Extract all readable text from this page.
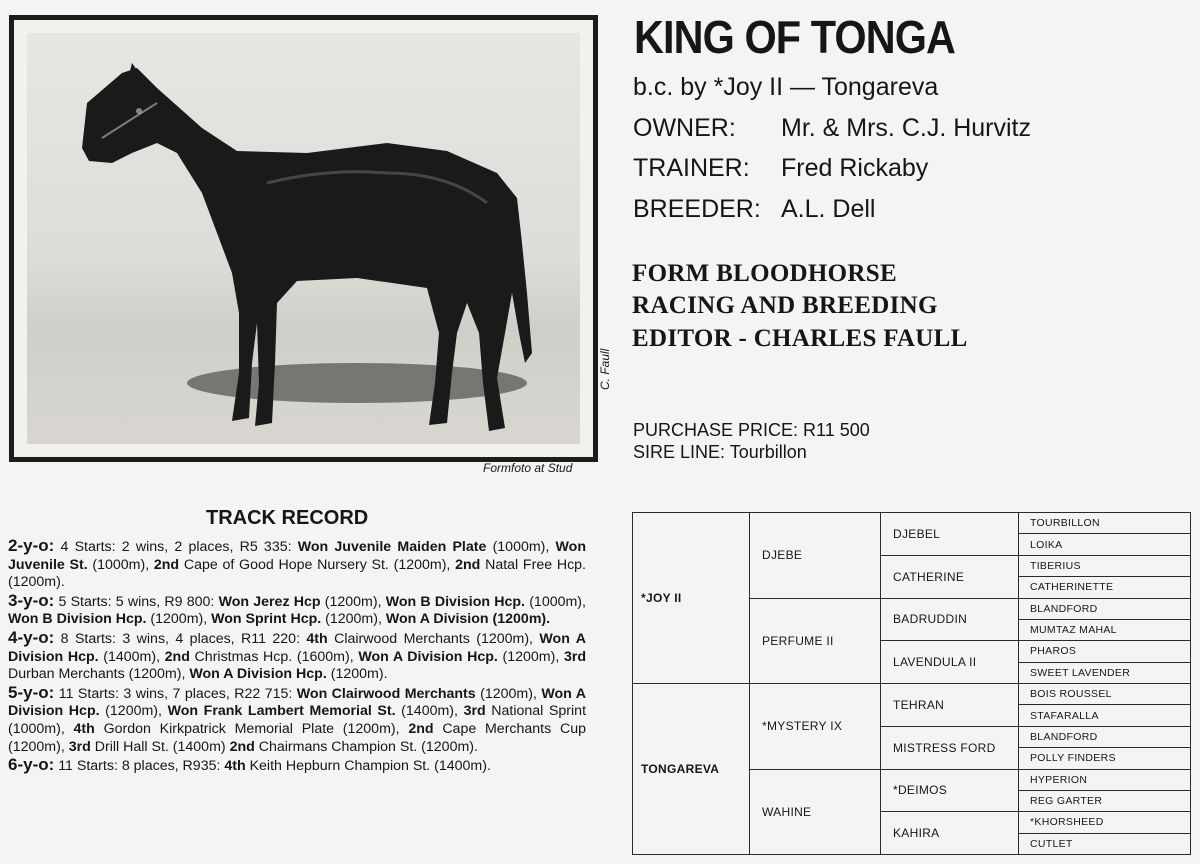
C. Faull
Formfoto at Stud
KING OF TONGA
b.c. by *Joy II — Tongareva
OWNER: Mr. & Mrs. C.J. Hurvitz
TRAINER: Fred Rickaby
BREEDER: A.L. Dell
FORM BLOODHORSE
RACING AND BREEDING
EDITOR - CHARLES FAULL
PURCHASE PRICE: R11 500
SIRE LINE: Tourbillon
TRACK RECORD

2-y-o: 4 Starts: 2 wins, 2 places, R5 335: Won Juvenile Maiden Plate (1000m), Won Juvenile St. (1000m), 2nd Cape of Good Hope Nursery St. (1200m), 2nd Natal Free Hcp. (1200m).

3-y-o: 5 Starts: 5 wins, R9 800: Won Jerez Hcp (1200m), Won B Division Hcp. (1000m), Won B Division Hcp. (1200m), Won Sprint Hcp. (1200m), Won A Division (1200m).

4-y-o: 8 Starts: 3 wins, 4 places, R11 220: 4th Clairwood Merchants (1200m), Won A Division Hcp. (1400m), 2nd Christmas Hcp. (1600m), Won A Division Hcp. (1200m), 3rd Durban Merchants (1200m), Won A Division Hcp. (1200m).

5-y-o: 11 Starts: 3 wins, 7 places, R22 715: Won Clairwood Merchants (1200m), Won A Division Hcp. (1200m), Won Frank Lambert Memorial St. (1400m), 3rd National Sprint (1000m), 4th Gordon Kirkpatrick Memorial Plate (1200m), 2nd Cape Merchants Cup (1200m), 3rd Drill Hall St. (1400m) 2nd Chairmans Champion St. (1200m).

6-y-o: 11 Starts: 8 places, R935: 4th Keith Hepburn Champion St. (1400m).

*JOY II	DJEBE	DJEBEL	TOURBILLON
			LOIKA
		CATHERINE	TIBERIUS
			CATHERINETTE
	PERFUME II	BADRUDDIN	BLANDFORD
			MUMTAZ MAHAL
		LAVENDULA II	PHAROS
			SWEET LAVENDER
TONGAREVA	*MYSTERY IX	TEHRAN	BOIS ROUSSEL
			STAFARALLA
		MISTRESS FORD	BLANDFORD
			POLLY FINDERS
	WAHINE	*DEIMOS	HYPERION
			REG GARTER
		KAHIRA	*KHORSHEED
			CUTLET
